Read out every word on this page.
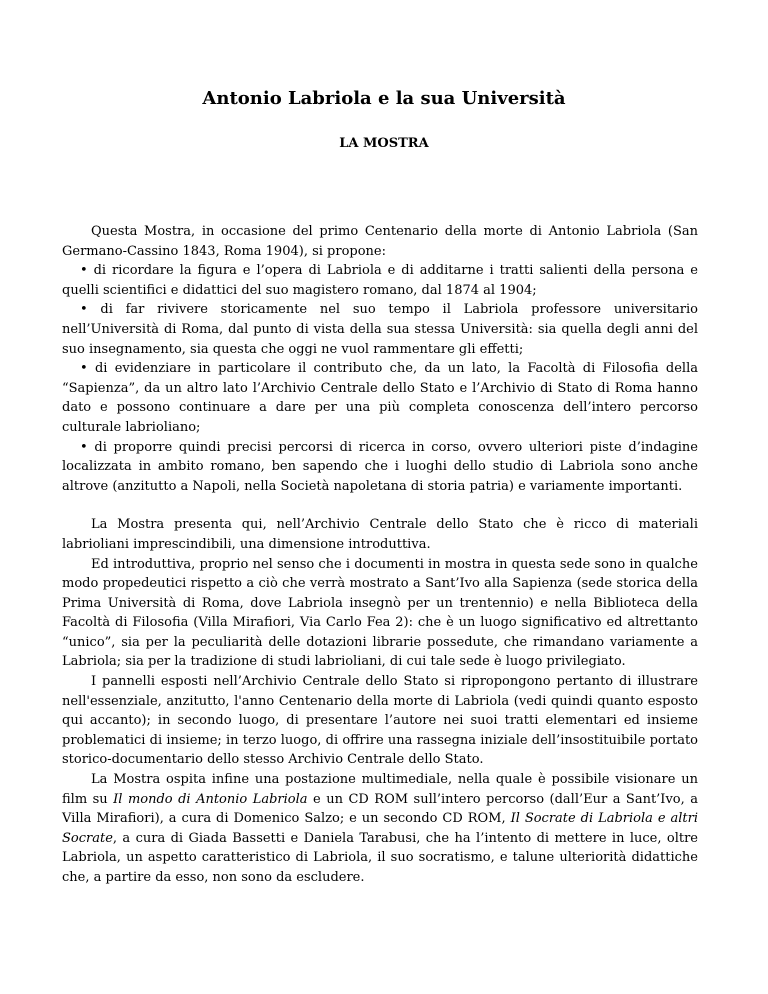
Antonio Labriola e la sua Università
LA MOSTRA

Questa Mostra, in occasione del primo Centenario della morte di Antonio Labriola (San Germano-Cassino 1843, Roma 1904), si propone:

• di ricordare la figura e l’opera di Labriola e di additarne i tratti salienti della persona e quelli scientifici e didattici del suo magistero romano, dal 1874 al 1904;

• di far rivivere storicamente nel suo tempo il Labriola professore universitario nell’Università di Roma, dal punto di vista della sua stessa Università: sia quella degli anni del suo insegnamento, sia questa che oggi ne vuol rammentare gli effetti;

• di evidenziare in particolare il contributo che, da un lato, la Facoltà di Filosofia della “Sapienza”, da un altro lato l’Archivio Centrale dello Stato e l’Archivio di Stato di Roma hanno dato e possono continuare a dare per una più completa conoscenza dell’intero percorso culturale labrioliano;

• di proporre quindi precisi percorsi di ricerca in corso, ovvero ulteriori piste d’indagine localizzata in ambito romano, ben sapendo che i luoghi dello studio di Labriola sono anche altrove (anzitutto a Napoli, nella Società napoletana di storia patria) e variamente importanti.

La Mostra presenta qui, nell’Archivio Centrale dello Stato che è ricco di materiali labrioliani imprescindibili, una dimensione introduttiva.

Ed introduttiva, proprio nel senso che i documenti in mostra in questa sede sono in qualche modo propedeutici rispetto a ciò che verrà mostrato a Sant’Ivo alla Sapienza (sede storica della Prima Università di Roma, dove Labriola insegnò per un trentennio) e nella Biblioteca della Facoltà di Filosofia (Villa Mirafiori, Via Carlo Fea 2): che è un luogo significativo ed altrettanto “unico”, sia per la peculiarità delle dotazioni librarie possedute, che rimandano variamente a Labriola; sia per la tradizione di studi labrioliani, di cui tale sede è luogo privilegiato.

I pannelli esposti nell’Archivio Centrale dello Stato si ripropongono pertanto di illustrare nell'essenziale, anzitutto, l'anno Centenario della morte di Labriola (vedi quindi quanto esposto qui accanto); in secondo luogo, di presentare l’autore nei suoi tratti elementari ed insieme problematici di insieme; in terzo luogo, di offrire una rassegna iniziale dell’insostituibile portato storico-documentario dello stesso Archivio Centrale dello Stato.

La Mostra ospita infine una postazione multimediale, nella quale è possibile visionare un film su Il mondo di Antonio Labriola e un CD ROM sull’intero percorso (dall’Eur a Sant’Ivo, a Villa Mirafiori), a cura di Domenico Salzo; e un secondo CD ROM, Il Socrate di Labriola e altri Socrate, a cura di Giada Bassetti e Daniela Tarabusi, che ha l’intento di mettere in luce, oltre Labriola, un aspetto caratteristico di Labriola, il suo socratismo, e talune ulteriorità didattiche che, a partire da esso, non sono da escludere.
